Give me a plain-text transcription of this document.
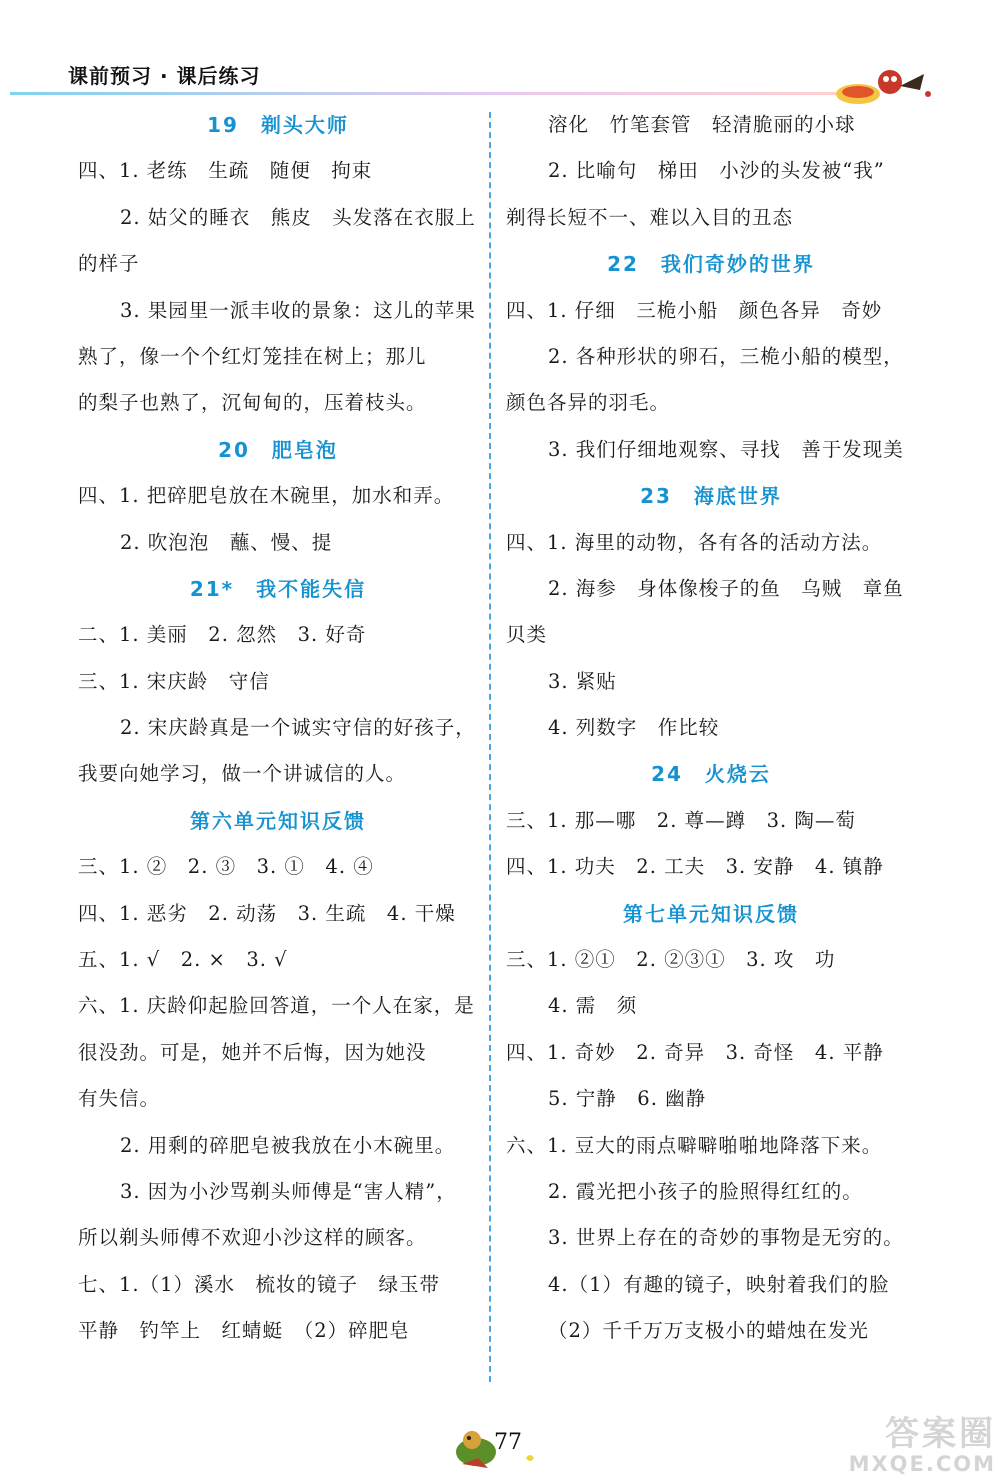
课前预习 · 课后练习
19　剃头大师
四、1. 老练　生疏　随便　拘束
2. 姑父的睡衣　熊皮　头发落在衣服上
的样子
3. 果园里一派丰收的景象：这儿的苹果
熟了，像一个个红灯笼挂在树上；那儿
的梨子也熟了，沉甸甸的，压着枝头。
20　肥皂泡
四、1. 把碎肥皂放在木碗里，加水和弄。
2. 吹泡泡　蘸、慢、提
21*　我不能失信
二、1. 美丽　2. 忽然　3. 好奇
三、1. 宋庆龄　守信
2. 宋庆龄真是一个诚实守信的好孩子，
我要向她学习，做一个讲诚信的人。
第六单元知识反馈
三、1. ②　2. ③　3. ①　4. ④
四、1. 恶劣　2. 动荡　3. 生疏　4. 干燥
五、1. √　2. ×　3. √
六、1. 庆龄仰起脸回答道，一个人在家，是
很没劲。可是，她并不后悔，因为她没
有失信。
2. 用剩的碎肥皂被我放在小木碗里。
3. 因为小沙骂剃头师傅是“害人精”，
所以剃头师傅不欢迎小沙这样的顾客。
七、1.（1）溪水　梳妆的镜子　绿玉带
平静　钓竿上　红蜻蜓　（2）碎肥皂
溶化　竹笔套管　轻清脆丽的小球
2. 比喻句　梯田　小沙的头发被“我”
剃得长短不一、难以入目的丑态
22　我们奇妙的世界
四、1. 仔细　三桅小船　颜色各异　奇妙
2. 各种形状的卵石，三桅小船的模型，
颜色各异的羽毛。
3. 我们仔细地观察、寻找　善于发现美
23　海底世界
四、1. 海里的动物，各有各的活动方法。
2. 海参　身体像梭子的鱼　乌贼　章鱼
贝类
3. 紧贴
4. 列数字　作比较
24　火烧云
三、1. 那—哪　2. 尊—蹲　3. 陶—萄
四、1. 功夫　2. 工夫　3. 安静　4. 镇静
第七单元知识反馈
三、1. ②①　2. ②③①　3. 攻　功
4. 需　须
四、1. 奇妙　2. 奇异　3. 奇怪　4. 平静
5. 宁静　6. 幽静
六、1. 豆大的雨点噼噼啪啪地降落下来。
2. 霞光把小孩子的脸照得红红的。
3. 世界上存在的奇妙的事物是无穷的。
4.（1）有趣的镜子，映射着我们的脸
（2）千千万万支极小的蜡烛在发光
77	答案圈
MXQE.COM
